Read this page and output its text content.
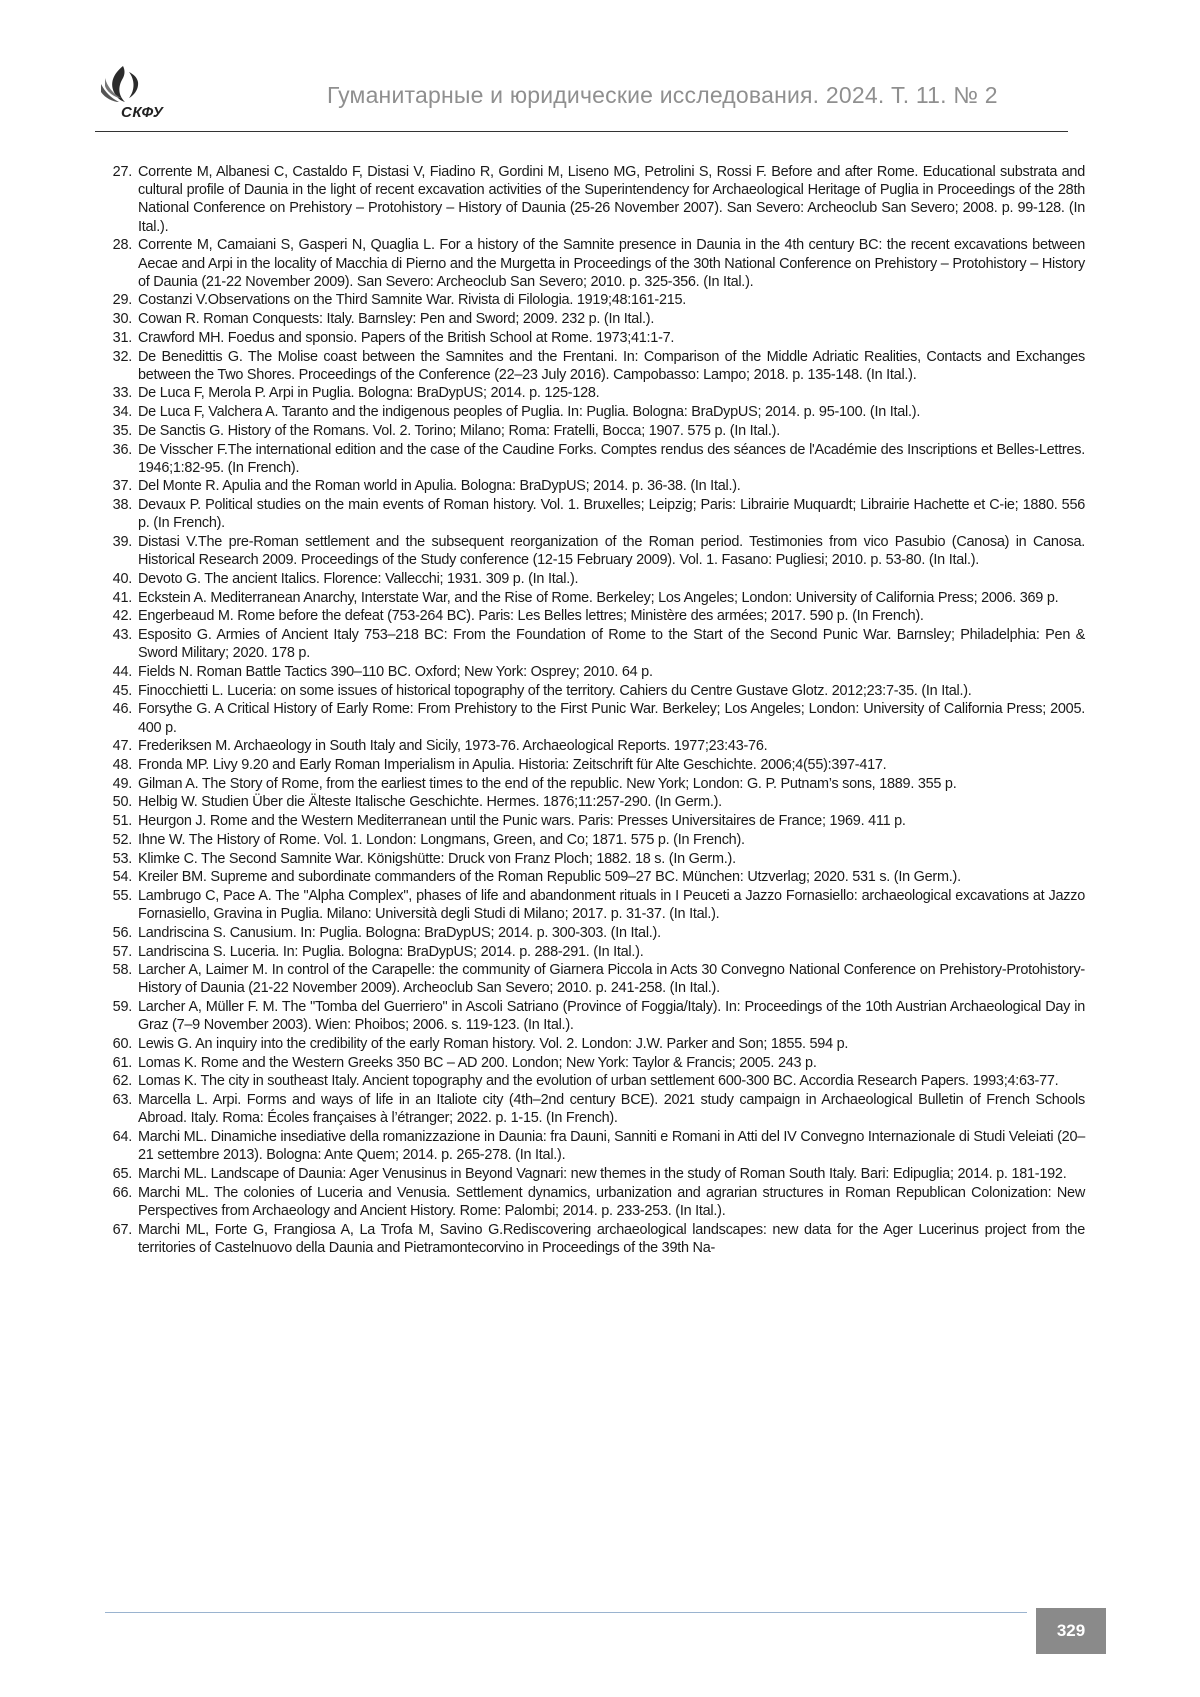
СКФУ
Гуманитарные и юридические исследования. 2024. Т. 11. № 2
27. Corrente M, Albanesi C, Castaldo F, Distasi V, Fiadino R, Gordini M, Liseno MG, Petrolini S, Rossi F. Before and after Rome. Educational substrata and cultural profile of Daunia in the light of recent excavation activities of the Superintendency for Archaeological Heritage of Puglia in Proceedings of the 28th National Conference on Prehistory – Protohistory – History of Daunia (25-26 November 2007). San Severo: Archeoclub San Severo; 2008. p. 99-128. (In Ital.).
28. Corrente M, Camaiani S, Gasperi N, Quaglia L. For a history of the Samnite presence in Daunia in the 4th century BC: the recent excavations between Aecae and Arpi in the locality of Macchia di Pierno and the Murgetta in Proceedings of the 30th National Conference on Prehistory – Protohistory – History of Daunia (21-22 November 2009). San Severo: Archeoclub San Severo; 2010. p. 325-356. (In Ital.).
29. Costanzi V.Observations on the Third Samnite War. Rivista di Filologia. 1919;48:161-215.
30. Cowan R. Roman Conquests: Italy. Barnsley: Pen and Sword; 2009. 232 p. (In Ital.).
31. Crawford MH. Foedus and sponsio. Papers of the British School at Rome. 1973;41:1-7.
32. De Benedittis G. The Molise coast between the Samnites and the Frentani. In: Comparison of the Middle Adriatic Realities, Contacts and Exchanges between the Two Shores. Proceedings of the Conference (22–23 July 2016). Campobasso: Lampo; 2018. p. 135-148. (In Ital.).
33. De Luca F, Merola P. Arpi in Puglia. Bologna: BraDypUS; 2014. p. 125-128.
34. De Luca F, Valchera A. Taranto and the indigenous peoples of Puglia. In: Puglia. Bologna: BraDypUS; 2014. p. 95-100. (In Ital.).
35. De Sanctis G. History of the Romans. Vol. 2. Torino; Milano; Roma: Fratelli, Bocca; 1907. 575 p. (In Ital.).
36. De Visscher F.The international edition and the case of the Caudine Forks. Comptes rendus des séances de l'Académie des Inscriptions et Belles-Lettres. 1946;1:82-95. (In French).
37. Del Monte R. Apulia and the Roman world in Apulia. Bologna: BraDypUS; 2014. p. 36-38. (In Ital.).
38. Devaux P. Political studies on the main events of Roman history. Vol. 1. Bruxelles; Leipzig; Paris: Librairie Muquardt; Librairie Hachette et C-ie; 1880. 556 p. (In French).
39. Distasi V.The pre-Roman settlement and the subsequent reorganization of the Roman period. Testimonies from vico Pasubio (Canosa) in Canosa. Historical Research 2009. Proceedings of the Study conference (12-15 February 2009). Vol. 1. Fasano: Pugliesi; 2010. p. 53-80. (In Ital.).
40. Devoto G. The ancient Italics. Florence: Vallecchi; 1931. 309 p. (In Ital.).
41. Eckstein A. Mediterranean Anarchy, Interstate War, and the Rise of Rome. Berkeley; Los Angeles; London: University of California Press; 2006. 369 p.
42. Engerbeaud M. Rome before the defeat (753-264 BC). Paris: Les Belles lettres; Ministère des armées; 2017. 590 p. (In French).
43. Esposito G. Armies of Ancient Italy 753–218 BC: From the Foundation of Rome to the Start of the Second Punic War. Barnsley; Philadelphia: Pen & Sword Military; 2020. 178 p.
44. Fields N. Roman Battle Tactics 390–110 BC. Oxford; New York: Osprey; 2010. 64 p.
45. Finocchietti L. Luceria: on some issues of historical topography of the territory. Cahiers du Centre Gustave Glotz. 2012;23:7-35. (In Ital.).
46. Forsythe G. A Critical History of Early Rome: From Prehistory to the First Punic War. Berkeley; Los Angeles; London: University of California Press; 2005. 400 p.
47. Frederiksen M. Archaeology in South Italy and Sicily, 1973-76. Archaeological Reports. 1977;23:43-76.
48. Fronda MP. Livy 9.20 and Early Roman Imperialism in Apulia. Historia: Zeitschrift für Alte Geschichte. 2006;4(55):397-417.
49. Gilman A. The Story of Rome, from the earliest times to the end of the republic. New York; London: G. P. Putnam’s sons, 1889. 355 p.
50. Helbig W. Studien Über die Älteste Italische Geschichte. Hermes. 1876;11:257-290. (In Germ.).
51. Heurgon J. Rome and the Western Mediterranean until the Punic wars. Paris: Presses Universitaires de France; 1969. 411 p.
52. Ihne W. The History of Rome. Vol. 1. London: Longmans, Green, and Co; 1871. 575 p. (In French).
53. Klimke C. The Second Samnite War. Königshütte: Druck von Franz Ploch; 1882. 18 s. (In Germ.).
54. Kreiler BM. Supreme and subordinate commanders of the Roman Republic 509–27 BC. München: Utzverlag; 2020. 531 s. (In Germ.).
55. Lambrugo C, Pace A. The "Alpha Complex", phases of life and abandonment rituals in I Peuceti a Jazzo Fornasiello: archaeological excavations at Jazzo Fornasiello, Gravina in Puglia. Milano: Università degli Studi di Milano; 2017. p. 31-37. (In Ital.).
56. Landriscina S. Canusium. In: Puglia. Bologna: BraDypUS; 2014. p. 300-303. (In Ital.).
57. Landriscina S. Luceria. In: Puglia. Bologna: BraDypUS; 2014. p. 288-291. (In Ital.).
58. Larcher A, Laimer M. In control of the Carapelle: the community of Giarnera Piccola in Acts 30 Convegno National Conference on Prehistory-Protohistory-History of Daunia (21-22 November 2009). Archeoclub San Severo; 2010. p. 241-258. (In Ital.).
59. Larcher A, Müller F. M. The "Tomba del Guerriero" in Ascoli Satriano (Province of Foggia/Italy). In: Proceedings of the 10th Austrian Archaeological Day in Graz (7–9 November 2003). Wien: Phoibos; 2006. s. 119-123. (In Ital.).
60. Lewis G. An inquiry into the credibility of the early Roman history. Vol. 2. London: J.W. Parker and Son; 1855. 594 p.
61. Lomas K. Rome and the Western Greeks 350 BC – AD 200. London; New York: Taylor & Francis; 2005. 243 p.
62. Lomas K. The city in southeast Italy. Ancient topography and the evolution of urban settlement 600-300 BC. Accordia Research Papers. 1993;4:63-77.
63. Marcella L. Arpi. Forms and ways of life in an Italiote city (4th–2nd century BCE). 2021 study campaign in Archaeological Bulletin of French Schools Abroad. Italy. Roma: Écoles françaises à l’étranger; 2022. p. 1-15. (In French).
64. Marchi ML. Dinamiche insediative della romanizzazione in Daunia: fra Dauni, Sanniti e Romani in Atti del IV Convegno Internazionale di Studi Veleiati (20–21 settembre 2013). Bologna: Ante Quem; 2014. p. 265-278. (In Ital.).
65. Marchi ML. Landscape of Daunia: Ager Venusinus in Beyond Vagnari: new themes in the study of Roman South Italy. Bari: Edipuglia; 2014. p. 181-192.
66. Marchi ML. The colonies of Luceria and Venusia. Settlement dynamics, urbanization and agrarian structures in Roman Republican Colonization: New Perspectives from Archaeology and Ancient History. Rome: Palombi; 2014. p. 233-253. (In Ital.).
67. Marchi ML, Forte G, Frangiosa A, La Trofa M, Savino G.Rediscovering archaeological landscapes: new data for the Ager Lucerinus project from the territories of Castelnuovo della Daunia and Pietramontecorvino in Proceedings of the 39th Na-
329
